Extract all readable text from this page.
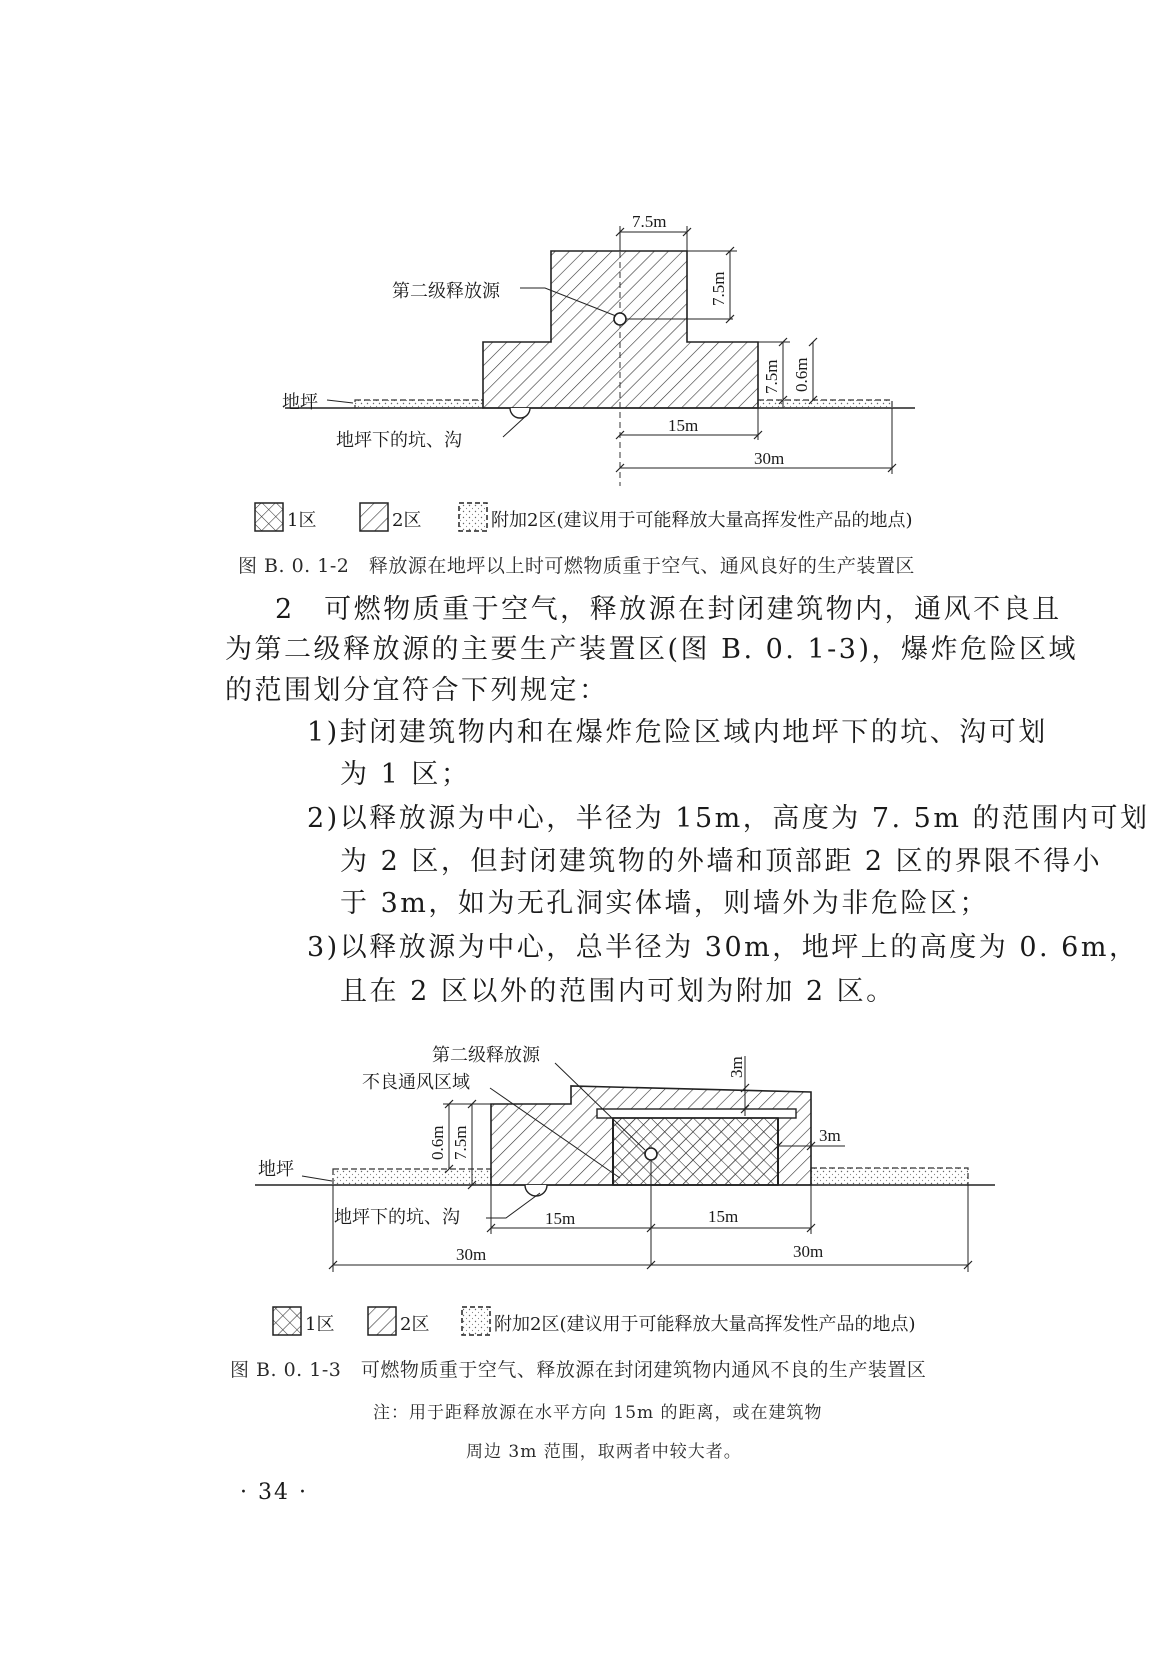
7.5m
7.5m
7.5m 0.6m
15m
30m
第二级释放源
地坪
地坪下的坑、沟
1区	2区	附加2区(建议用于可能释放大量高挥发性产品的地点)
3m
3m
0.6m 7.5m
15m	15m
30m	30m
第二级释放源
不良通风区域
地坪
地坪下的坑、沟
1区	2区	附加2区(建议用于可能释放大量高挥发性产品的地点)
图 B. 0. 1-2　释放源在地坪以上时可燃物质重于空气、通风良好的生产装置区
2　可燃物质重于空气，释放源在封闭建筑物内，通风不良且
为第二级释放源的主要生产装置区(图 B. 0. 1-3)，爆炸危险区域
的范围划分宜符合下列规定：
1)封闭建筑物内和在爆炸危险区域内地坪下的坑、沟可划
为 1 区；
2)以释放源为中心，半径为 15m，高度为 7. 5m 的范围内可划
为 2 区，但封闭建筑物的外墙和顶部距 2 区的界限不得小
于 3m，如为无孔洞实体墙，则墙外为非危险区；
3)以释放源为中心，总半径为 30m，地坪上的高度为 0. 6m，
且在 2 区以外的范围内可划为附加 2 区。
图 B. 0. 1-3　可燃物质重于空气、释放源在封闭建筑物内通风不良的生产装置区
注：用于距释放源在水平方向 15m 的距离，或在建筑物
周边 3m 范围，取两者中较大者。
· 34 ·
